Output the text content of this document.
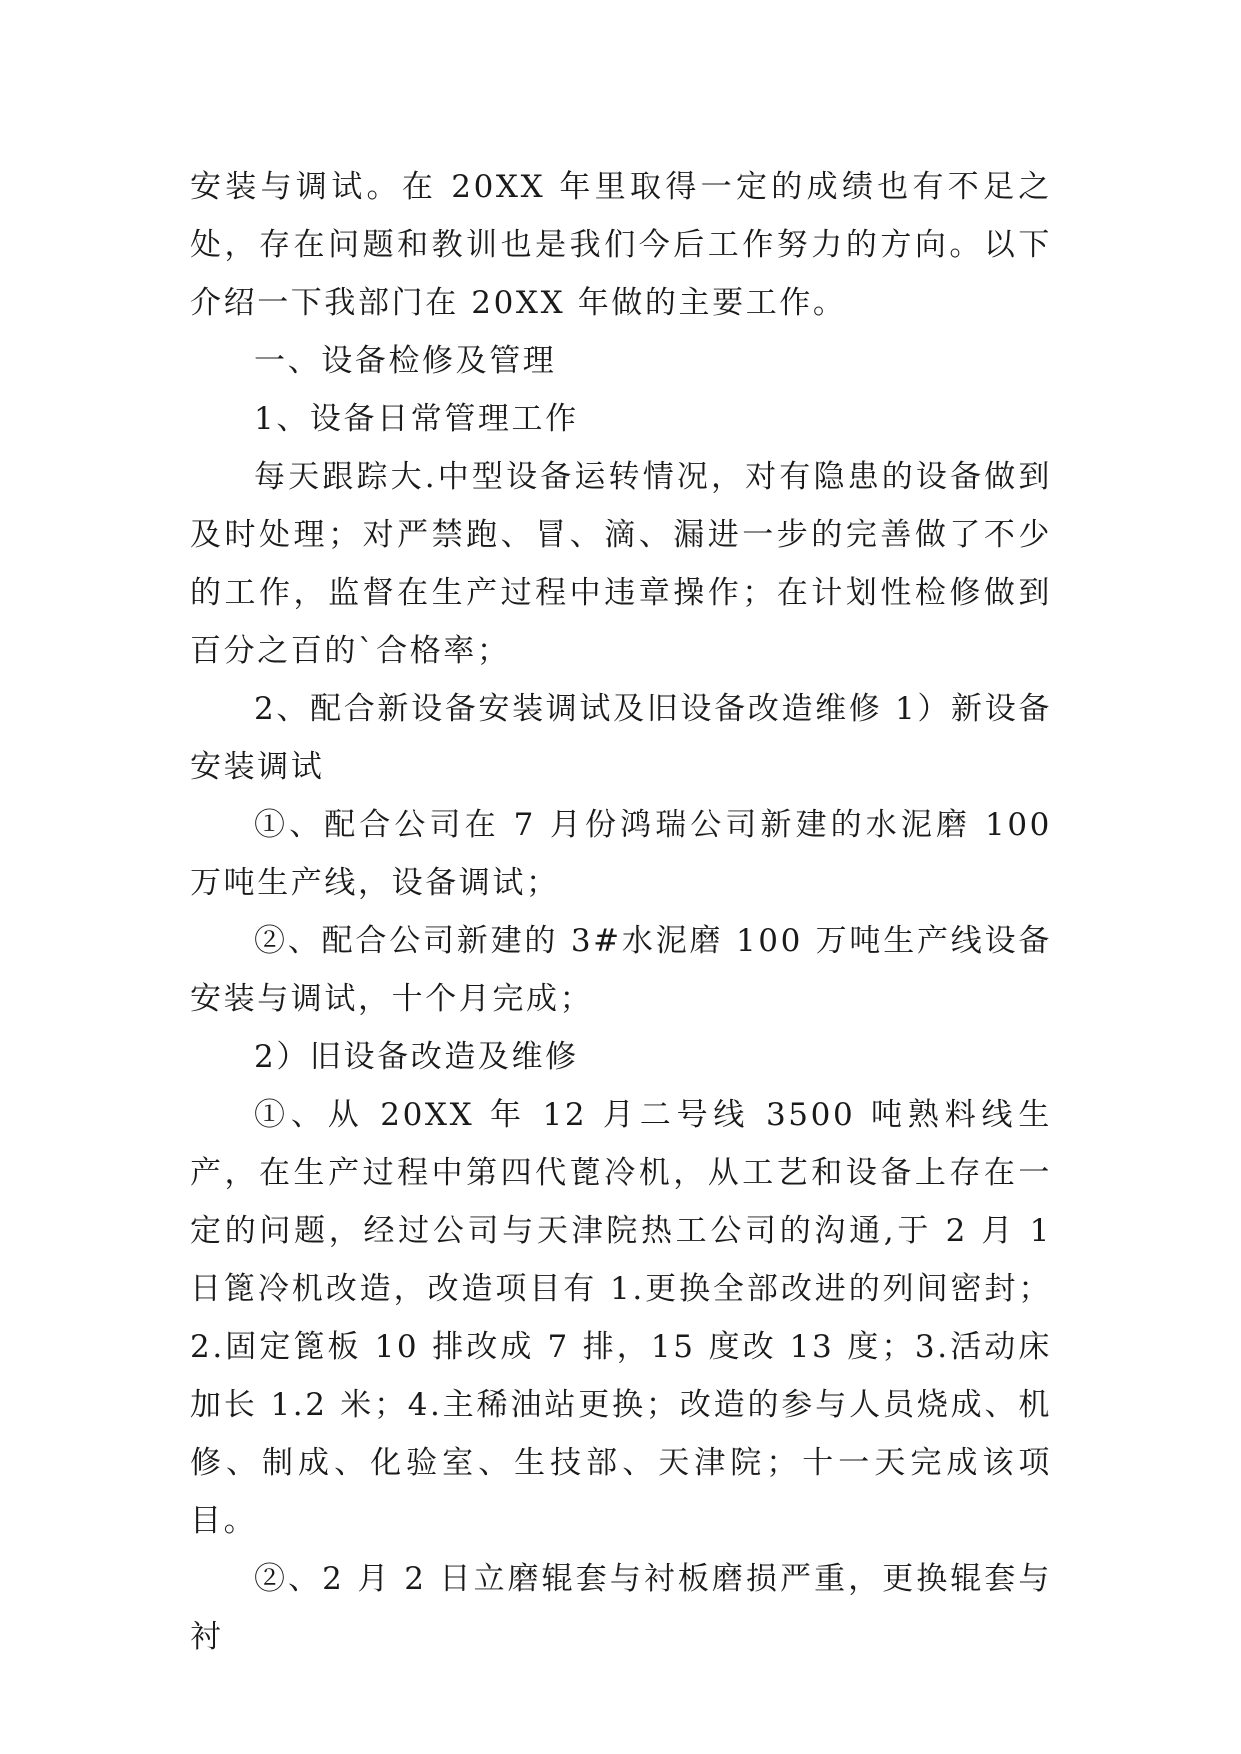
安装与调试。在 20XX 年里取得一定的成绩也有不足之处，存在问题和教训也是我们今后工作努力的方向。以下介绍一下我部门在 20XX 年做的主要工作。

一、设备检修及管理

1、设备日常管理工作

每天跟踪大.中型设备运转情况，对有隐患的设备做到及时处理；对严禁跑、冒、滴、漏进一步的完善做了不少的工作，监督在生产过程中违章操作；在计划性检修做到百分之百的`合格率；

2、配合新设备安装调试及旧设备改造维修 1）新设备安装调试

①、配合公司在 7 月份鸿瑞公司新建的水泥磨 100 万吨生产线，设备调试；

②、配合公司新建的 3#水泥磨 100 万吨生产线设备安装与调试，十个月完成；

2）旧设备改造及维修

①、从 20XX 年 12 月二号线 3500 吨熟料线生产，在生产过程中第四代蓖冷机，从工艺和设备上存在一定的问题，经过公司与天津院热工公司的沟通,于 2 月 1 日篦冷机改造，改造项目有 1.更换全部改进的列间密封；2.固定篦板 10 排改成 7 排，15 度改 13 度；3.活动床加长 1.2 米；4.主稀油站更换；改造的参与人员烧成、机修、制成、化验室、生技部、天津院；十一天完成该项目。

②、2 月 2 日立磨辊套与衬板磨损严重，更换辊套与衬
